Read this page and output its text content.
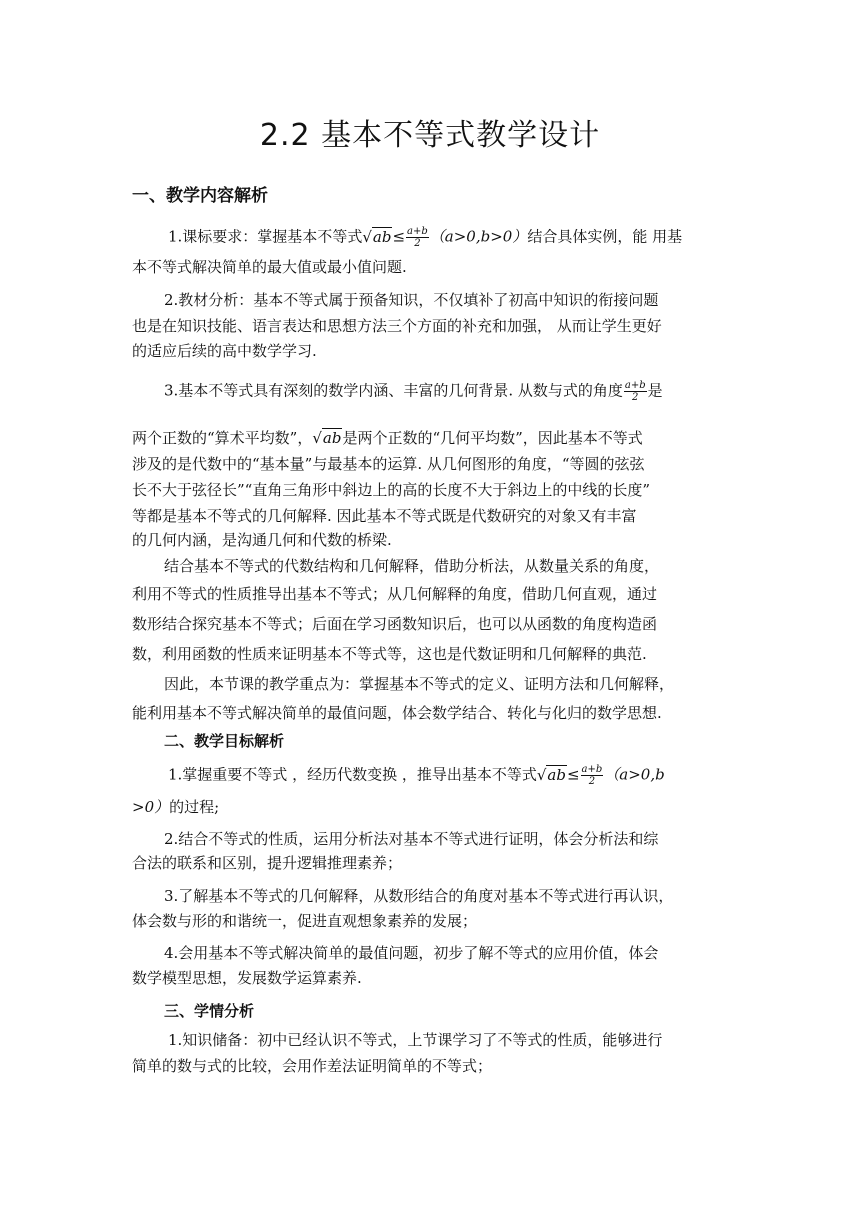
2.2 基本不等式教学设计
一、教学内容解析
1.课标要求：掌握基本不等式$√ab\le \frac{a+b}{2} (a>0,b>0)$结合具体实例，能 用基
本不等式解决简单的最大值或最小值问题.
2.教材分析：基本不等式属于预备知识，不仅填补了初高中知识的衔接问题
也是在知识技能、语言表达和思想方法三个方面的补充和加强， 从而让学生更好
的适应后续的高中数学学习.
3.基本不等式具有深刻的数学内涵、丰富的几何背景. 从数与式的角度 $\frac{a+b}{2}$ 是
两个正数的“算术平均数”，√ab是两个正数的“几何平均数”，因此基本不等式
涉及的是代数中的“基本量”与最基本的运算. 从几何图形的角度，“等圆的弦弦
长不大于弦径长”“直角三角形中斜边上的高的长度不大于斜边上的中线的长度”
等都是基本不等式的几何解释. 因此基本不等式既是代数研究的对象又有丰富
的几何内涵，是沟通几何和代数的桥梁.
结合基本不等式的代数结构和几何解释，借助分析法，从数量关系的角度，
利用不等式的性质推导出基本不等式；从几何解释的角度，借助几何直观，通过
数形结合探究基本不等式；后面在学习函数知识后，也可以从函数的角度构造函
数，利用函数的性质来证明基本不等式等，这也是代数证明和几何解释的典范.
因此，本节课的教学重点为：掌握基本不等式的定义、证明方法和几何解释，
能利用基本不等式解决简单的最值问题，体会数学结合、转化与化归的数学思想.
二、教学目标解析
1.掌握重要不等式 ，经历代数变换 ，推导出基本不等式$√ab\le \frac{a+b}{2} (a>0,b$
>0）的过程;
2.结合不等式的性质，运用分析法对基本不等式进行证明，体会分析法和综
合法的联系和区别，提升逻辑推理素养；
3.了解基本不等式的几何解释，从数形结合的角度对基本不等式进行再认识，
体会数与形的和谐统一，促进直观想象素养的发展；
4.会用基本不等式解决简单的最值问题，初步了解不等式的应用价值，体会
数学模型思想，发展数学运算素养.
三、学情分析
1.知识储备：初中已经认识不等式，上节课学习了不等式的性质，能够进行
简单的数与式的比较，会用作差法证明简单的不等式；
